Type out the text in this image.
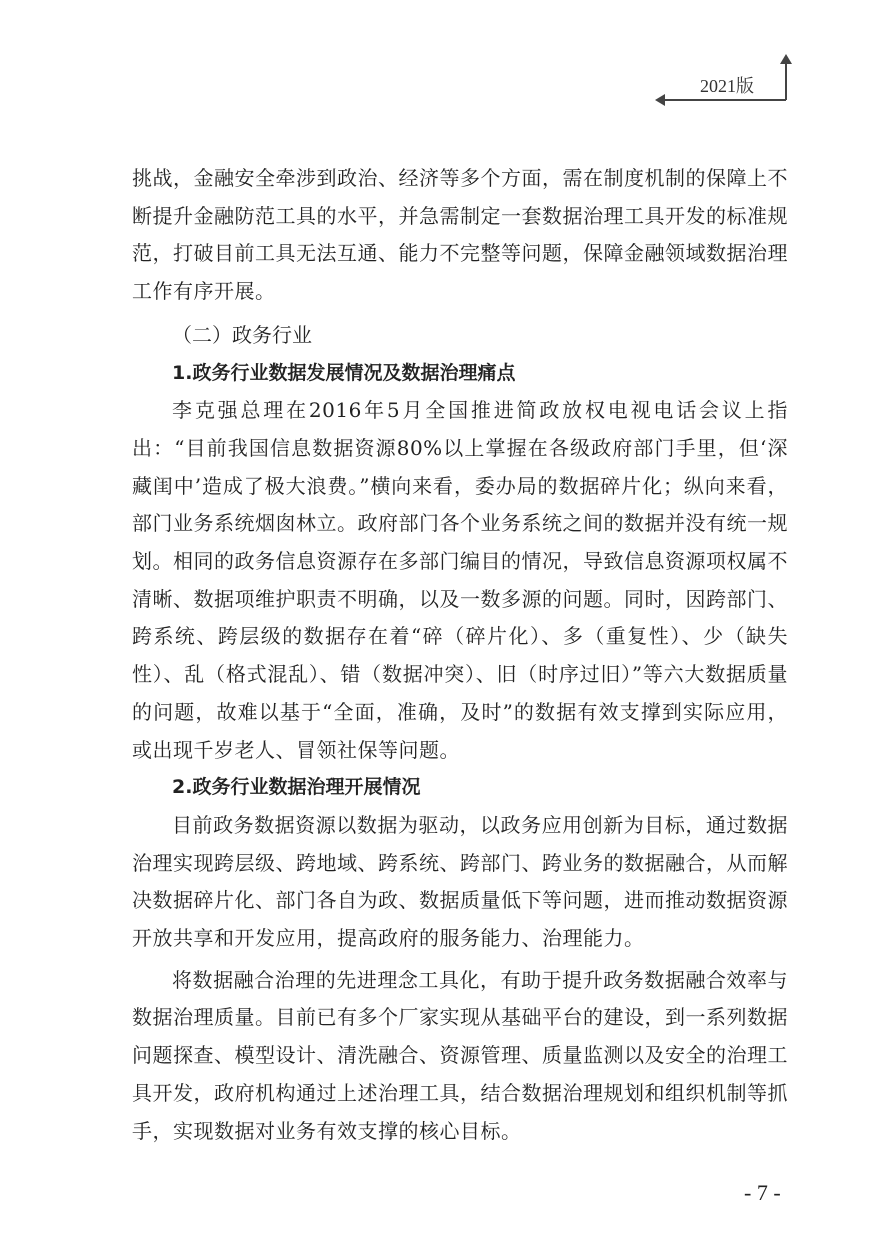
2021版

挑战，金融安全牵涉到政治、经济等多个方面，需在制度机制的保障上不断提升金融防范工具的水平，并急需制定一套数据治理工具开发的标准规范，打破目前工具无法互通、能力不完整等问题，保障金融领域数据治理工作有序开展。

（二）政务行业
1.政务行业数据发展情况及数据治理痛点

李克强总理在2016年5月全国推进简政放权电视电话会议上指出：“目前我国信息数据资源80%以上掌握在各级政府部门手里，但‘深藏闺中’造成了极大浪费。”横向来看，委办局的数据碎片化；纵向来看，部门业务系统烟囱林立。政府部门各个业务系统之间的数据并没有统一规划。相同的政务信息资源存在多部门编目的情况，导致信息资源项权属不清晰、数据项维护职责不明确，以及一数多源的问题。同时，因跨部门、跨系统、跨层级的数据存在着“碎（碎片化）、多（重复性）、少（缺失性）、乱（格式混乱）、错（数据冲突）、旧（时序过旧）”等六大数据质量的问题，故难以基于“全面，准确，及时”的数据有效支撑到实际应用，或出现千岁老人、冒领社保等问题。

2.政务行业数据治理开展情况

目前政务数据资源以数据为驱动，以政务应用创新为目标，通过数据治理实现跨层级、跨地域、跨系统、跨部门、跨业务的数据融合，从而解决数据碎片化、部门各自为政、数据质量低下等问题，进而推动数据资源开放共享和开发应用，提高政府的服务能力、治理能力。

将数据融合治理的先进理念工具化，有助于提升政务数据融合效率与数据治理质量。目前已有多个厂家实现从基础平台的建设，到一系列数据问题探查、模型设计、清洗融合、资源管理、质量监测以及安全的治理工具开发，政府机构通过上述治理工具，结合数据治理规划和组织机制等抓手，实现数据对业务有效支撑的核心目标。

- 7 -
